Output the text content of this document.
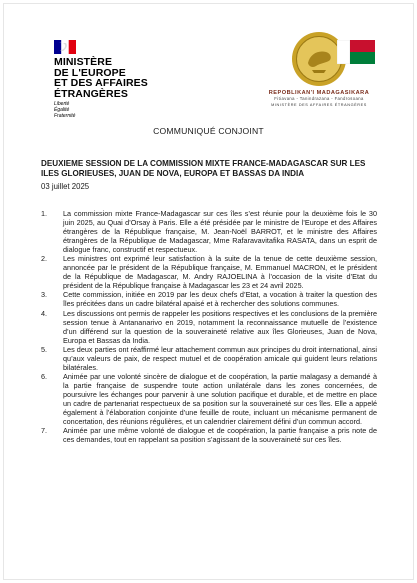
MINISTÈRE
DE L'EUROPE
ET DES AFFAIRES
ÉTRANGÈRES
Liberté
Égalité
Fraternité
REPOBLIKAN'I MADAGASIKARA
Fitiavana - Tanindrazana - Fandrosoana
MINISTÈRE DES AFFAIRES ÉTRANGÈRES
COMMUNIQUÉ CONJOINT
DEUXIEME SESSION DE LA COMMISSION MIXTE FRANCE-MADAGASCAR SUR LES ILES GLORIEUSES, JUAN DE NOVA, EUROPA ET BASSAS DA INDIA
03 juillet 2025
1. La commission mixte France-Madagascar sur ces îles s’est réunie pour la deuxième fois le 30 juin 2025, au Quai d’Orsay à Paris. Elle a été présidée par le ministre de l’Europe et des Affaires étrangères de la République française, M. Jean-Noël BARROT, et le ministre des Affaires étrangères de la République de Madagascar, Mme Rafaravavitafika RASATA, dans un esprit de dialogue franc, constructif et respectueux.
2. Les ministres ont exprimé leur satisfaction à la suite de la tenue de cette deuxième session, annoncée par le président de la République française, M. Emmanuel MACRON, et le président de la République de Madagascar, M. Andry RAJOELINA à l’occasion de la visite d’Etat du président de la République française à Madagascar les 23 et 24 avril 2025.
3. Cette commission, initiée en 2019 par les deux chefs d’Etat, a vocation à traiter la question des îles précitées dans un cadre bilatéral apaisé et à rechercher des solutions communes.
4. Les discussions ont permis de rappeler les positions respectives et les conclusions de la première session tenue à Antananarivo en 2019, notamment la reconnaissance mutuelle de l’existence d’un différend sur la question de la souveraineté relative aux îles Glorieuses, Juan de Nova, Europa et Bassas da India.
5. Les deux parties ont réaffirmé leur attachement commun aux principes du droit international, ainsi qu’aux valeurs de paix, de respect mutuel et de coopération amicale qui guident leurs relations bilatérales.
6. Animée par une volonté sincère de dialogue et de coopération, la partie malagasy a demandé à la partie française de suspendre toute action unilatérale dans les zones concernées, de poursuivre les échanges pour parvenir à une solution pacifique et durable, et de mettre en place un cadre de partenariat respectueux de sa position sur la souveraineté sur ces îles. Elle a appelé également à l’élaboration conjointe d’une feuille de route, incluant un mécanisme permanent de concertation, des réunions régulières, et un calendrier clairement défini d’un commun accord.
7. Animée par une même volonté de dialogue et de coopération, la partie française a pris note de ces demandes, tout en rappelant sa position s’agissant de la souveraineté sur ces îles.
